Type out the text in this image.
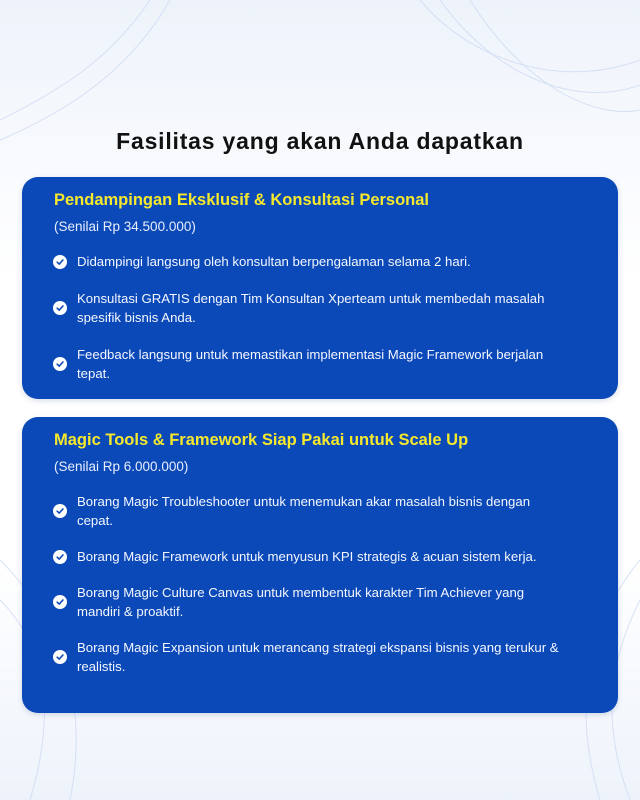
Fasilitas yang akan Anda dapatkan
Pendampingan Eksklusif & Konsultasi Personal
(Senilai Rp 34.500.000)
Didampingi langsung oleh konsultan berpengalaman selama 2 hari.
Konsultasi GRATIS dengan Tim Konsultan Xperteam untuk membedah masalah spesifik bisnis Anda.
Feedback langsung untuk memastikan implementasi Magic Framework berjalan tepat.
Magic Tools & Framework Siap Pakai untuk Scale Up
(Senilai Rp 6.000.000)
Borang Magic Troubleshooter untuk menemukan akar masalah bisnis dengan cepat.
Borang Magic Framework untuk menyusun KPI strategis & acuan sistem kerja.
Borang Magic Culture Canvas untuk membentuk karakter Tim Achiever yang mandiri & proaktif.
Borang Magic Expansion untuk merancang strategi ekspansi bisnis yang terukur & realistis.
